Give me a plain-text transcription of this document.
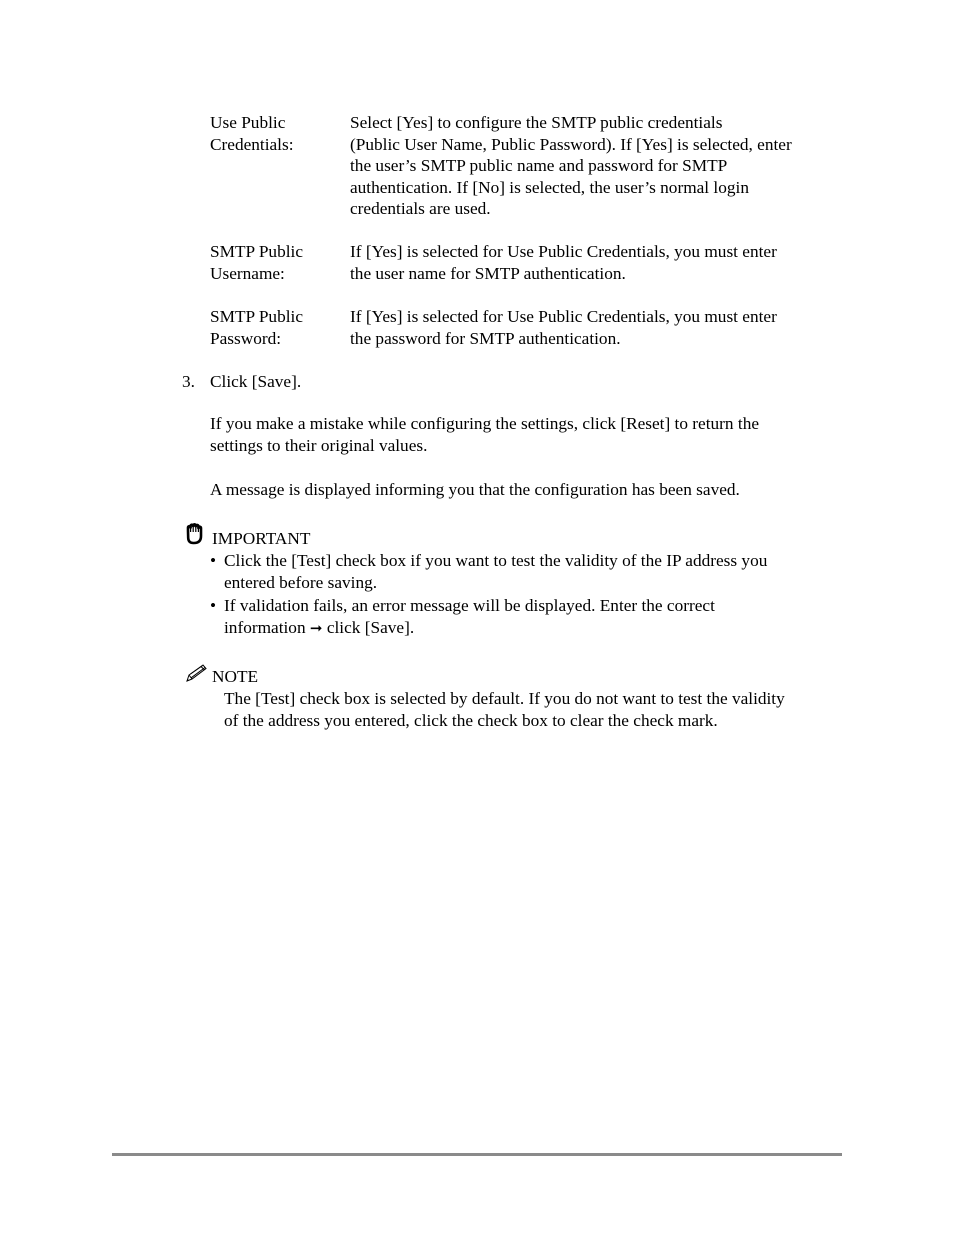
Use Public
Credentials:
Select [Yes] to configure the SMTP public credentials
(Public User Name, Public Password). If [Yes] is selected, enter
the user’s SMTP public name and password for SMTP
authentication. If [No] is selected, the user’s normal login
credentials are used.
SMTP Public
Username:
If [Yes] is selected for Use Public Credentials, you must enter
the user name for SMTP authentication.
SMTP Public
Password:
If [Yes] is selected for Use Public Credentials, you must enter
the password for SMTP authentication.
3. Click [Save].
If you make a mistake while configuring the settings, click [Reset] to return the
settings to their original values.
A message is displayed informing you that the configuration has been saved.
IMPORTANT
• Click the [Test] check box if you want to test the validity of the IP address you
entered before saving.
• If validation fails, an error message will be displayed. Enter the correct
information ➞ click [Save].
NOTE
The [Test] check box is selected by default. If you do not want to test the validity
of the address you entered, click the check box to clear the check mark.
